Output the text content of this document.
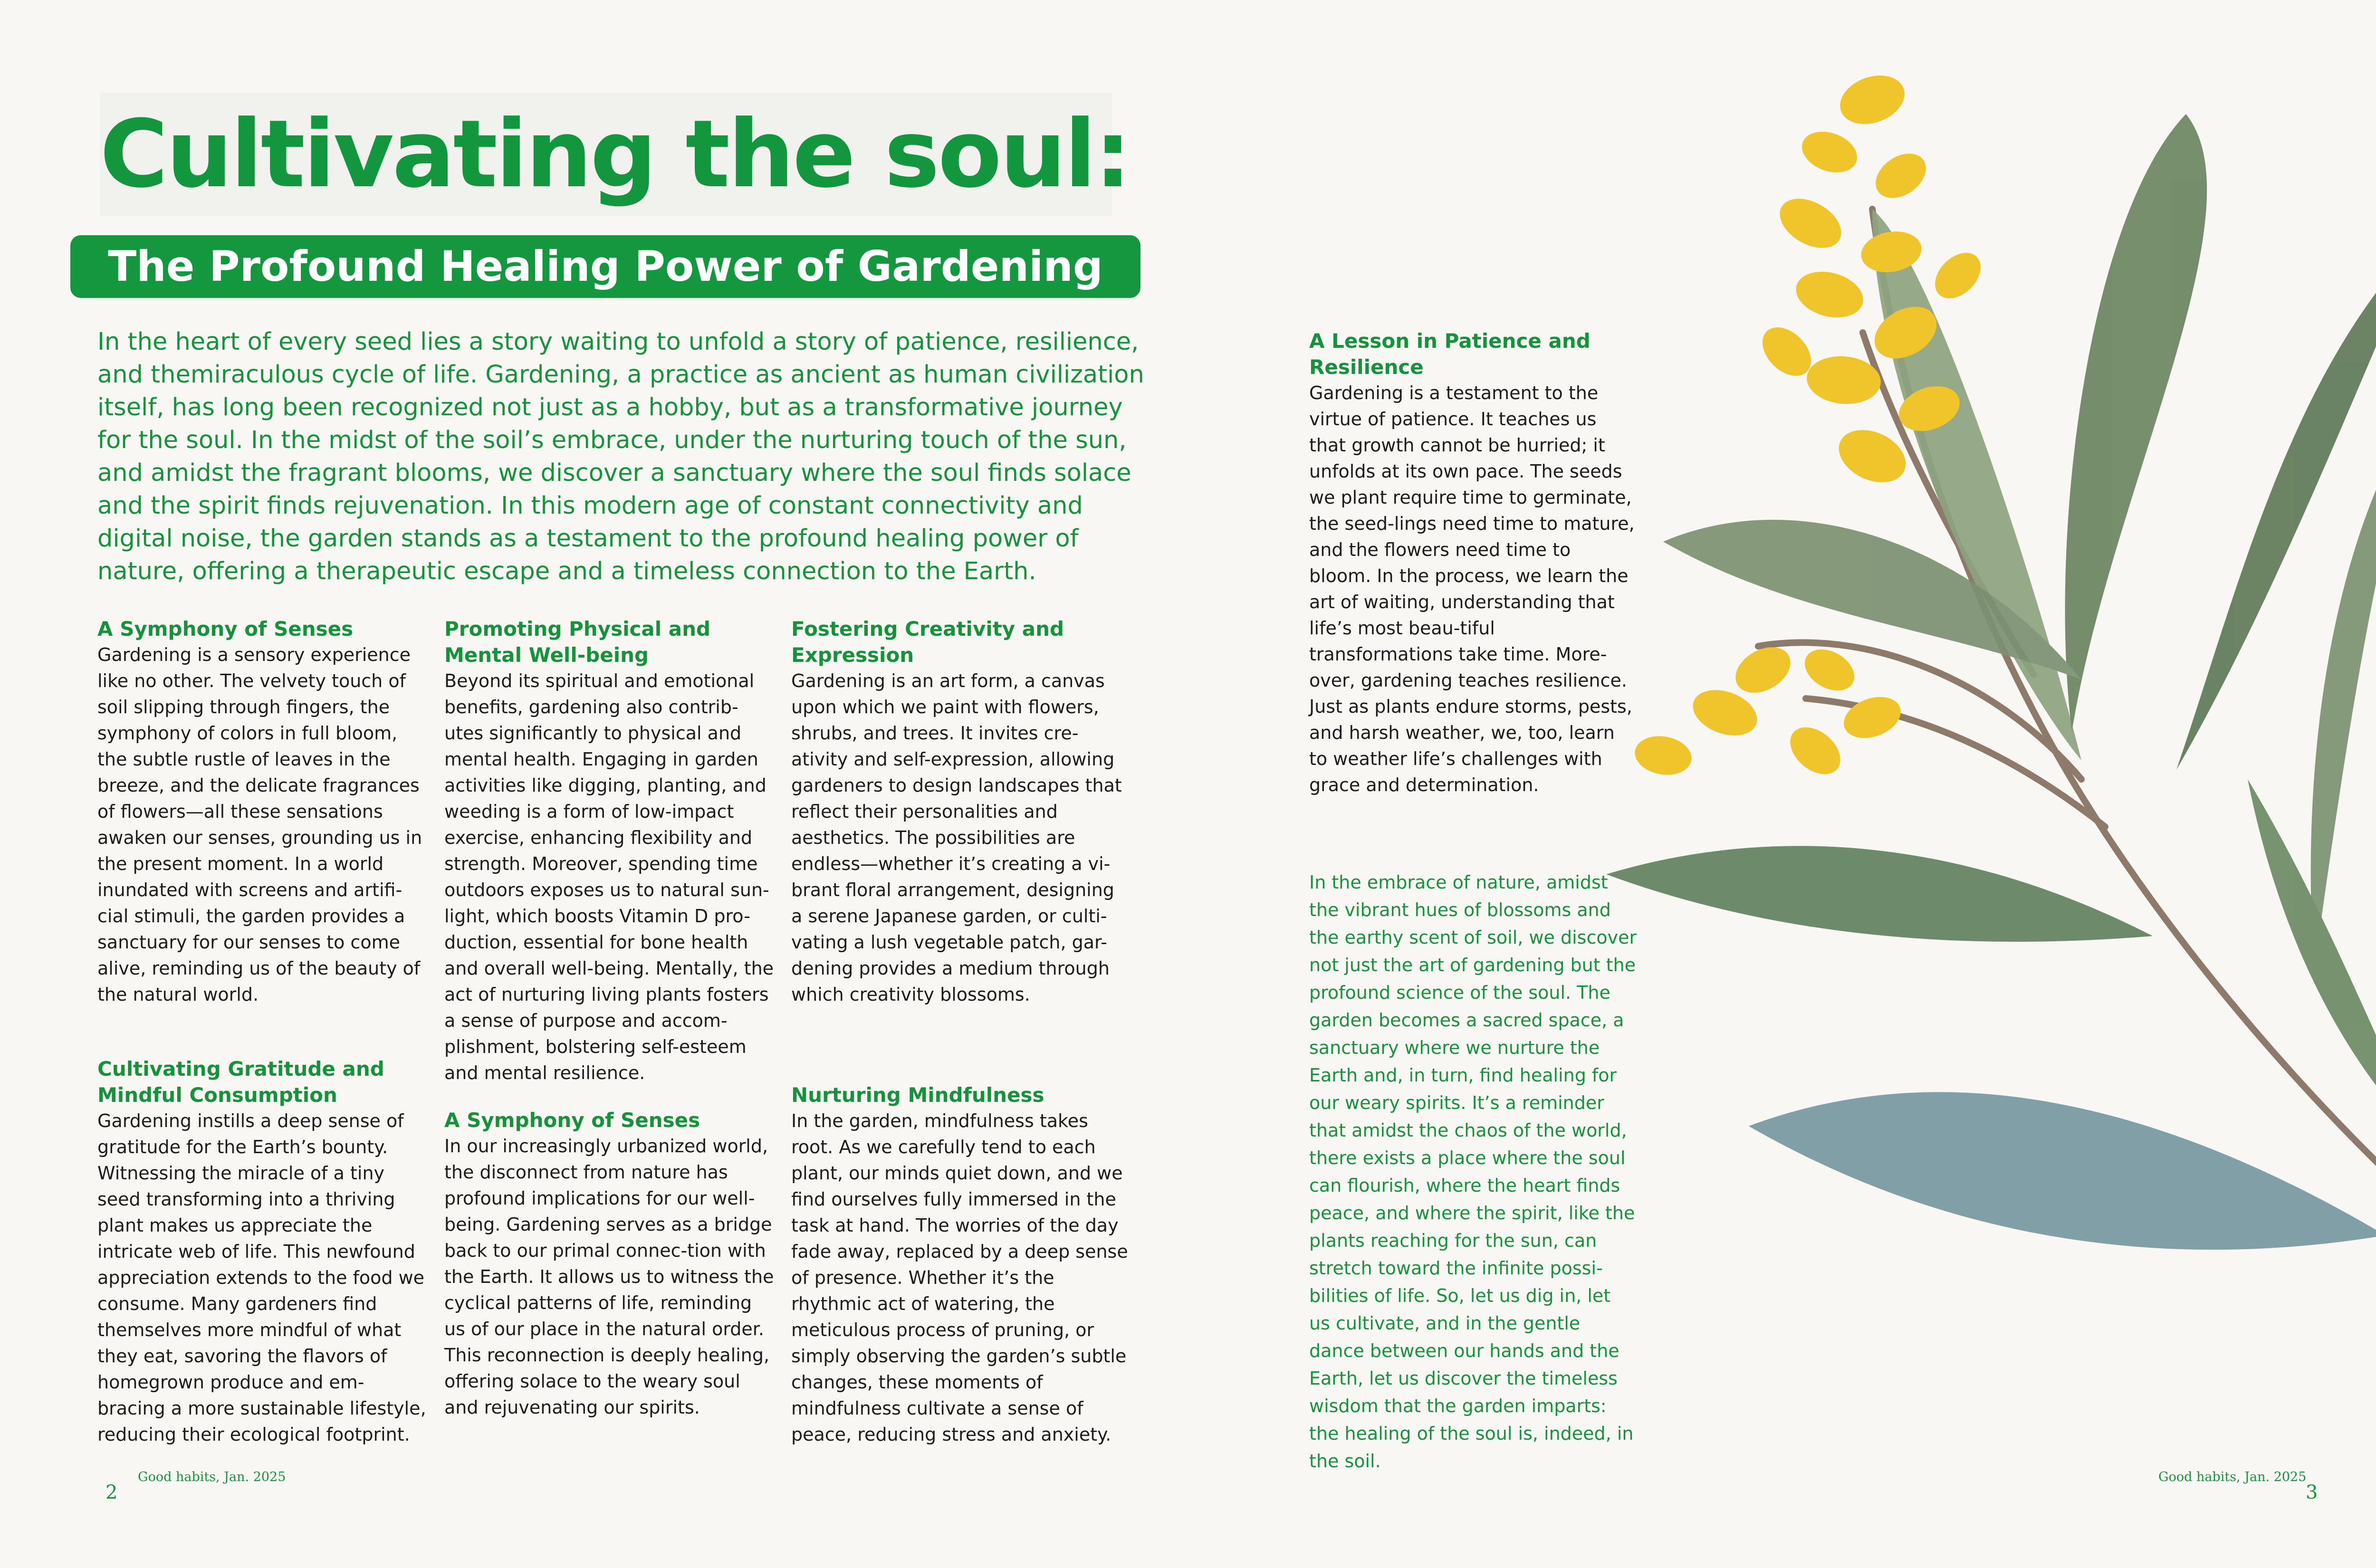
Cultivating the soul:
The Profound Healing Power of Gardening
In the heart of every seed lies a story waiting to unfold a story of patience, resilience, and themiraculous cycle of life. Gardening, a practice as ancient as human civilization itself, has long been recognized not just as a hobby, but as a transformative journey for the soul. In the midst of the soil’s embrace, under the nurturing touch of the sun, and amidst the fragrant blooms, we discover a sanctuary where the soul finds solace and the spirit finds rejuvenation. In this modern age of constant connectivity and digital noise, the garden stands as a testament to the profound healing power of nature, offering a therapeutic escape and a timeless connection to the Earth.
A Symphony of Senses
Gardening is a sensory experience like no other. The velvety touch of soil slipping through fingers, the symphony of colors in full bloom, the subtle rustle of leaves in the breeze, and the delicate fragrances of flowers—all these sensations awaken our senses, grounding us in the present moment. In a world inundated with screens and artifi-cial stimuli, the garden provides a sanctuary for our senses to come alive, reminding us of the beauty of the natural world.
Cultivating Gratitude and Mindful Consumption
Gardening instills a deep sense of gratitude for the Earth’s bounty. Witnessing the miracle of a tiny seed transforming into a thriving plant makes us appreciate the intricate web of life. This newfound appreciation extends to the food we consume. Many gardeners find themselves more mindful of what they eat, savoring the flavors of homegrown produce and em-bracing a more sustainable lifestyle, reducing their ecological footprint.
Promoting Physical and Mental Well-being
Beyond its spiritual and emotional benefits, gardening also contrib-utes significantly to physical and mental health. Engaging in garden activities like digging, planting, and weeding is a form of low-impact exercise, enhancing flexibility and strength. Moreover, spending time outdoors exposes us to natural sun-light, which boosts Vitamin D pro-duction, essential for bone health and overall well-being. Mentally, the act of nurturing living plants fosters a sense of purpose and accom-plishment, bolstering self-esteem and mental resilience.
A Symphony of Senses
In our increasingly urbanized world, the disconnect from nature has profound implications for our well-being. Gardening serves as a bridge back to our primal connec-tion with the Earth. It allows us to witness the cyclical patterns of life, reminding us of our place in the natural order. This reconnection is deeply healing, offering solace to the weary soul and rejuvenating our spirits.
Fostering Creativity and Expression
Gardening is an art form, a canvas upon which we paint with flowers, shrubs, and trees. It invites cre-ativity and self-expression, allowing gardeners to design landscapes that reflect their personalities and aesthetics. The possibilities are endless—whether it’s creating a vi-brant floral arrangement, designing a serene Japanese garden, or culti-vating a lush vegetable patch, gar-dening provides a medium through which creativity blossoms.
Nurturing Mindfulness
In the garden, mindfulness takes root. As we carefully tend to each plant, our minds quiet down, and we find ourselves fully immersed in the task at hand. The worries of the day fade away, replaced by a deep sense of presence. Whether it’s the rhythmic act of watering, the meticulous process of pruning, or simply observing the garden’s subtle changes, these moments of mindfulness cultivate a sense of peace, reducing stress and anxiety.
A Lesson in Patience and Resilience
Gardening is a testament to the virtue of patience. It teaches us that growth cannot be hurried; it unfolds at its own pace. The seeds we plant require time to germinate, the seed-lings need time to mature, and the flowers need time to bloom. In the process, we learn the art of waiting, understanding that life’s most beau-tiful transformations take time. More-over, gardening teaches resilience. Just as plants endure storms, pests, and harsh weather, we, too, learn to weather life’s challenges with grace and determination.
In the embrace of nature, amidst the vibrant hues of blossoms and the earthy scent of soil, we discover not just the art of gardening but the profound science of the soul. The garden becomes a sacred space, a sanctuary where we nurture the Earth and, in turn, find healing for our weary spirits. It’s a reminder that amidst the chaos of the world, there exists a place where the soul can flourish, where the heart finds peace, and where the spirit, like the plants reaching for the sun, can stretch toward the infinite possi-bilities of life. So, let us dig in, let us cultivate, and in the gentle dance between our hands and the Earth, let us discover the timeless wisdom that the garden imparts: the healing of the soul is, indeed, in the soil.
Good habits, Jan. 2025
2
Good habits, Jan. 2025
3
